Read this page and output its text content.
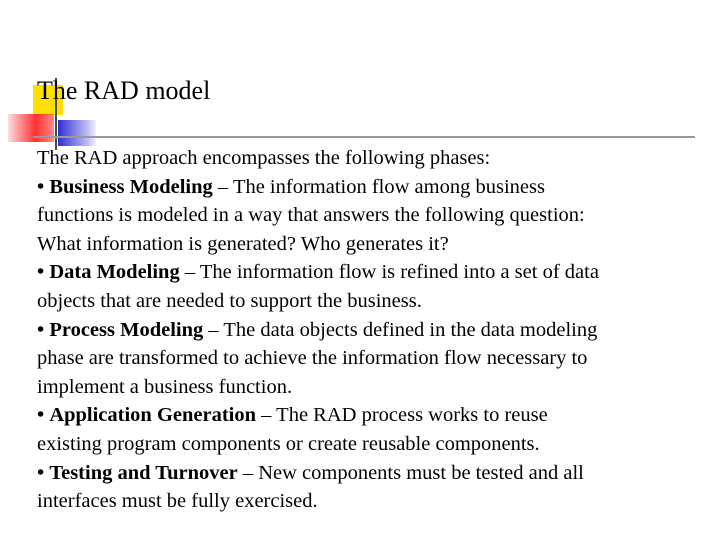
The RAD model
The RAD approach encompasses the following phases:
• Business Modeling – The information flow among business
functions is modeled in a way that answers the following question:
What information is generated? Who generates it?
• Data Modeling – The information flow is refined into a set of data
objects that are needed to support the business.
• Process Modeling – The data objects defined in the data modeling
phase are transformed to achieve the information flow necessary to
implement a business function.
• Application Generation – The RAD process works to reuse
existing program components or create reusable components.
• Testing and Turnover – New components must be tested and all
interfaces must be fully exercised.
